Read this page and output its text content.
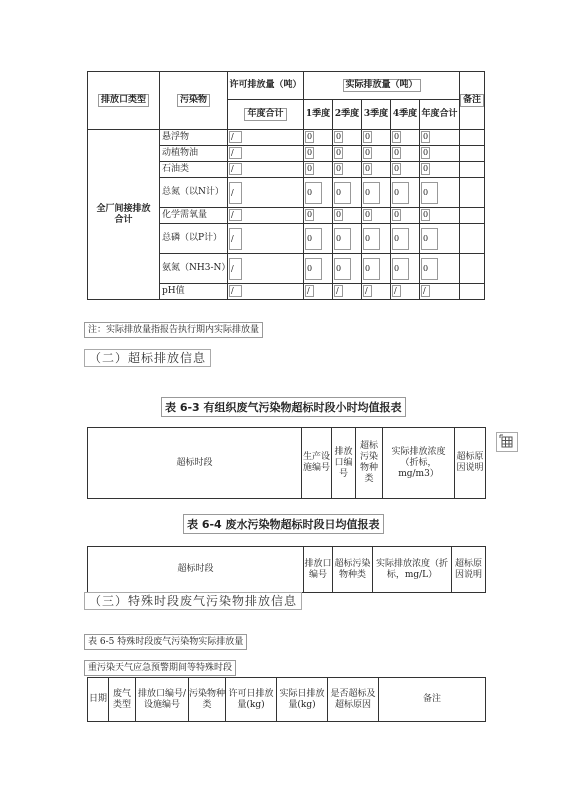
排放口类型	污染物	许可排放量（吨）	实际排放量（吨）					备注
		年度合计	1季度	2季度	3季度	4季度	年度合计	
全厂间接排放合计	悬浮物	/	0	0	0	0	0	
	动植物油	/	0	0	0	0	0	
	石油类	/	0	0	0	0	0	
	总氮（以N计）	/	0	0	0	0	0	
	化学需氧量	/	0	0	0	0	0	
	总磷（以P计）	/	0	0	0	0	0	
	氨氮（NH3-N）	/	0	0	0	0	0	
	pH值	/	/	/	/	/	/	
注：实际排放量指报告执行期内实际排放量
（二）超标排放信息
表 6-3 有组织废气污染物超标时段小时均值报表
超标时段	生产设施编号	排放口编号	超标污染物种类	实际排放浓度（折标，mg/m3）	超标原因说明
表 6-4 废水污染物超标时段日均值报表
超标时段	排放口编号	超标污染物种类	实际排放浓度（折标，mg/L）	超标原因说明
（三）特殊时段废气污染物排放信息
表 6-5 特殊时段废气污染物实际排放量
重污染天气应急预警期间等特殊时段
日期	废气类型	排放口编号/设施编号	污染物种类	许可日排放量(kg)	实际日排放量(kg)	是否超标及超标原因	备注
